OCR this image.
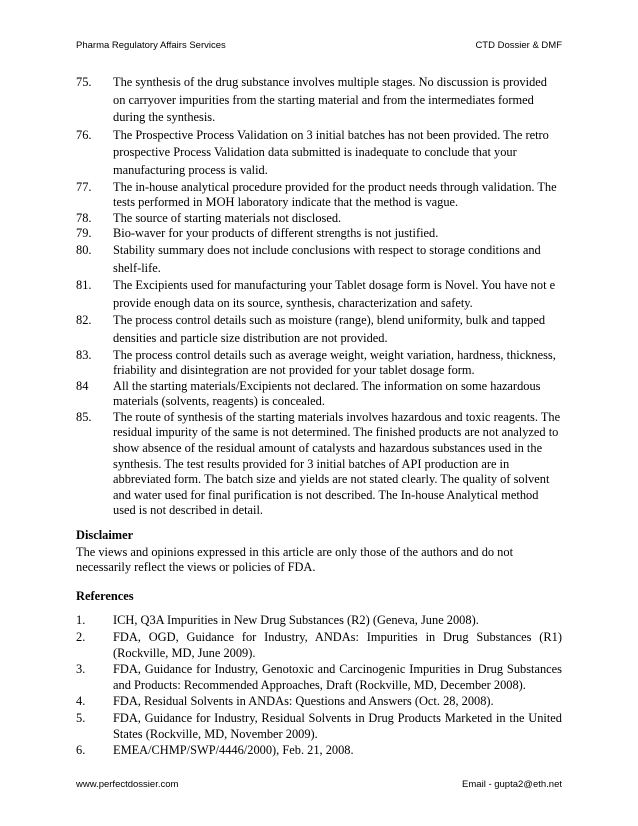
Pharma Regulatory Affairs Services	CTD Dossier & DMF
75.	The synthesis of the drug substance involves multiple stages. No discussion is provided on carryover impurities from the starting material and from the intermediates formed during the synthesis.
76.	The Prospective Process Validation on 3 initial batches has not been provided. The retro prospective Process Validation data submitted is inadequate to conclude that your manufacturing process is valid.
77.	The in-house analytical procedure provided for the product needs through validation. The tests performed in MOH laboratory indicate that the method is vague.
78.	The source of starting materials not disclosed.
79.	Bio-waver for your products of different strengths is not justified.
80.	Stability summary does not include conclusions with respect to storage conditions and shelf-life.
81.	The Excipients used for manufacturing your Tablet dosage form is Novel. You have not e provide enough data on its source, synthesis, characterization and safety.
82.	The process control details such as moisture (range), blend uniformity, bulk and tapped densities and particle size distribution are not provided.
83.	The process control details such as average weight, weight variation, hardness, thickness, friability and disintegration are not provided for your tablet dosage form.
84	All the starting materials/Excipients not declared. The information on some hazardous materials (solvents, reagents) is concealed.
85.	The route of synthesis of the starting materials involves hazardous and toxic reagents. The residual impurity of the same is not determined. The finished products are not analyzed to show absence of the residual amount of catalysts and hazardous substances used in the synthesis. The test results provided for 3 initial batches of API production are in abbreviated form. The batch size and yields are not stated clearly. The quality of solvent and water used for final purification is not described. The In-house Analytical method used is not described in detail.
Disclaimer
The views and opinions expressed in this article are only those of the authors and do not necessarily reflect the views or policies of FDA.
References
1.	ICH, Q3A Impurities in New Drug Substances (R2) (Geneva, June 2008).
2.	FDA, OGD, Guidance for Industry, ANDAs: Impurities in Drug Substances (R1) (Rockville, MD, June 2009).
3.	FDA, Guidance for Industry, Genotoxic and Carcinogenic Impurities in Drug Substances and Products: Recommended Approaches, Draft (Rockville, MD, December 2008).
4.	FDA, Residual Solvents in ANDAs: Questions and Answers (Oct. 28, 2008).
5.	FDA, Guidance for Industry, Residual Solvents in Drug Products Marketed in the United States (Rockville, MD, November 2009).
6.	EMEA/CHMP/SWP/4446/2000), Feb. 21, 2008.
www.perfectdossier.com	Email - gupta2@eth.net
